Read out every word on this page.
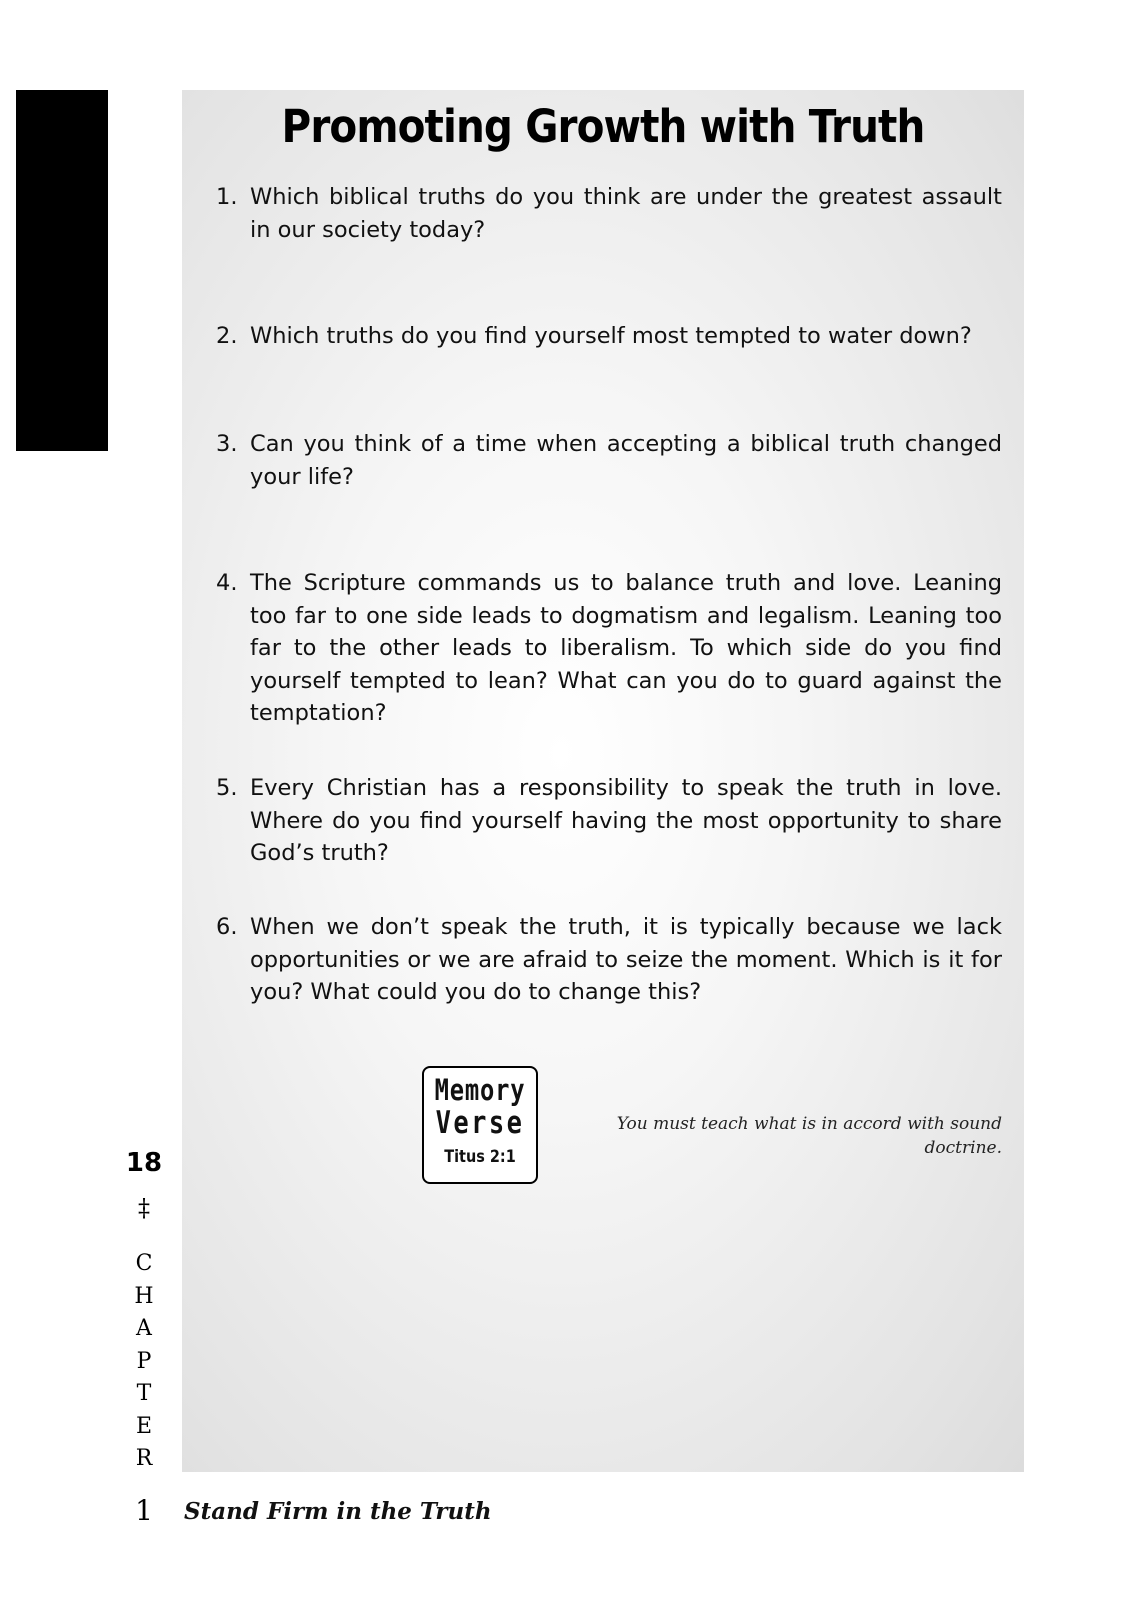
Promoting Growth with Truth
1. Which biblical truths do you think are under the greatest assault in our society today?
2. Which truths do you find yourself most tempted to water down?
3. Can you think of a time when accepting a biblical truth changed your life?
4. The Scripture commands us to balance truth and love. Leaning too far to one side leads to dogmatism and legalism. Leaning too far to the other leads to liberalism. To which side do you find yourself tempted to lean? What can you do to guard against the temptation?
5. Every Christian has a responsibility to speak the truth in love. Where do you find yourself having the most opportunity to share God’s truth?
6. When we don’t speak the truth, it is typically because we lack opportunities or we are afraid to seize the moment. Which is it for you? What could you do to change this?
Memory
Verse
Titus 2:1
You must teach what is in accord with sound doctrine.
18
‡
C
H
A
P
T
E
R
1	Stand Firm in the Truth
